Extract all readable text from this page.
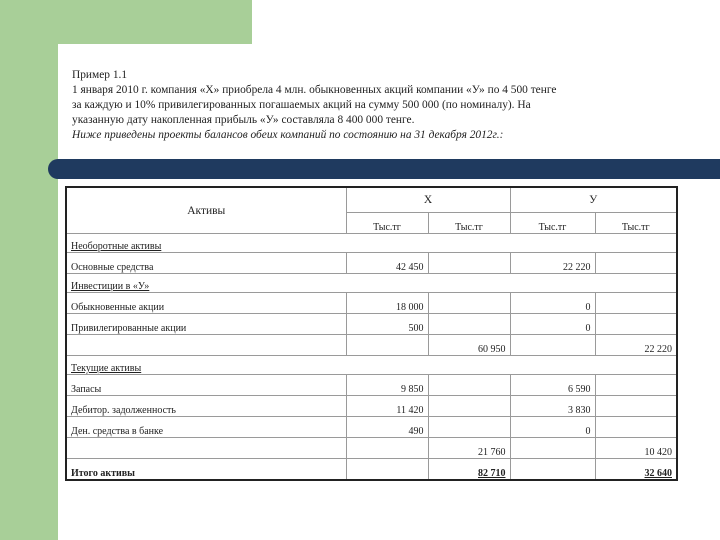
Пример 1.1

1 января 2010 г. компания «Х» приобрела 4 млн. обыкновенных акций компании «У» по 4 500 тенге

за каждую и 10% привилегированных погашаемых акций на сумму 500 000 (по номиналу). На

указанную дату накопленная прибыль «У» составляла 8 400 000 тенге.

Ниже приведены проекты балансов обеих компаний по состоянию на 31 декабря 2012г.:

Активы	Х		У	
	Тыс.тг	Тыс.тг	Тыс.тг	Тыс.тг
Необоротные активы				
Основные средства	42 450		22 220	
Инвестиции в «У»				
Обыкновенные акции	18 000		0	
Привилегированные акции	500		0	
		60 950		22 220
Текущие активы				
Запасы	9 850		6 590	
Дебитор. задолженность	11 420		3 830	
Ден. средства в банке	490		0	
		21 760		10 420
Итого активы		82 710		32 640
